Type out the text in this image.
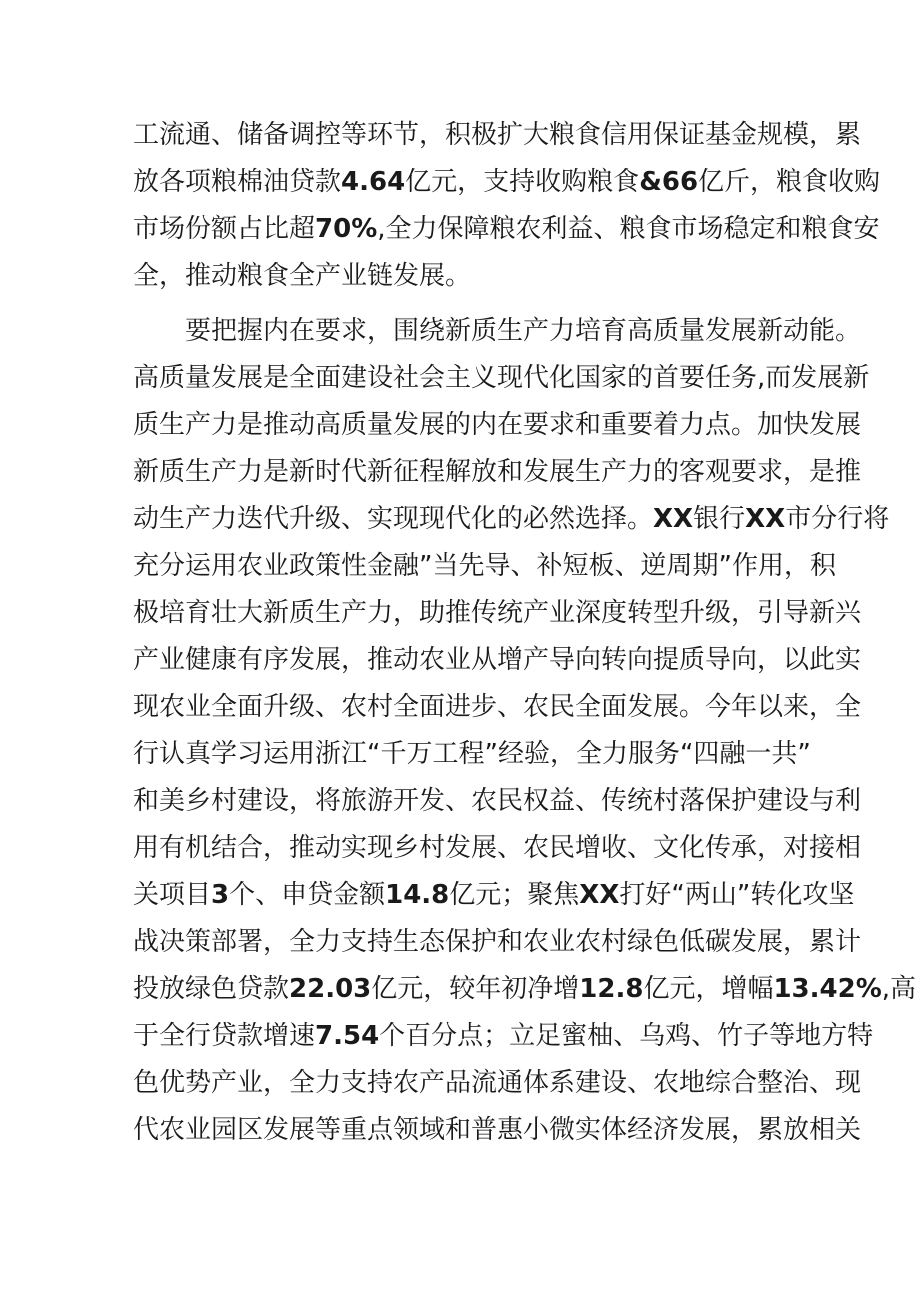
工流通、储备调控等环节，积极扩大粮食信用保证基金规模，累
放各项粮棉油贷款4.64亿元，支持收购粮食&66亿斤，粮食收购
市场份额占比超70%,全力保障粮农利益、粮食市场稳定和粮食安
全，推动粮食全产业链发展。
要把握内在要求，围绕新质生产力培育高质量发展新动能。
高质量发展是全面建设社会主义现代化国家的首要任务,而发展新
质生产力是推动高质量发展的内在要求和重要着力点。加快发展
新质生产力是新时代新征程解放和发展生产力的客观要求，是推
动生产力迭代升级、实现现代化的必然选择。XX银行XX市分行将
充分运用农业政策性金融”当先导、补短板、逆周期”作用，积
极培育壮大新质生产力，助推传统产业深度转型升级，引导新兴
产业健康有序发展，推动农业从增产导向转向提质导向，以此实
现农业全面升级、农村全面进步、农民全面发展。今年以来，全
行认真学习运用浙江“千万工程”经验，全力服务“四融一共”
和美乡村建设，将旅游开发、农民权益、传统村落保护建设与利
用有机结合，推动实现乡村发展、农民增收、文化传承，对接相
关项目3个、申贷金额14.8亿元；聚焦XX打好“两山”转化攻坚
战决策部署，全力支持生态保护和农业农村绿色低碳发展，累计
投放绿色贷款22.03亿元，较年初净增12.8亿元，增幅13.42%,高
于全行贷款增速7.54个百分点；立足蜜柚、乌鸡、竹子等地方特
色优势产业，全力支持农产品流通体系建设、农地综合整治、现
代农业园区发展等重点领域和普惠小微实体经济发展，累放相关
